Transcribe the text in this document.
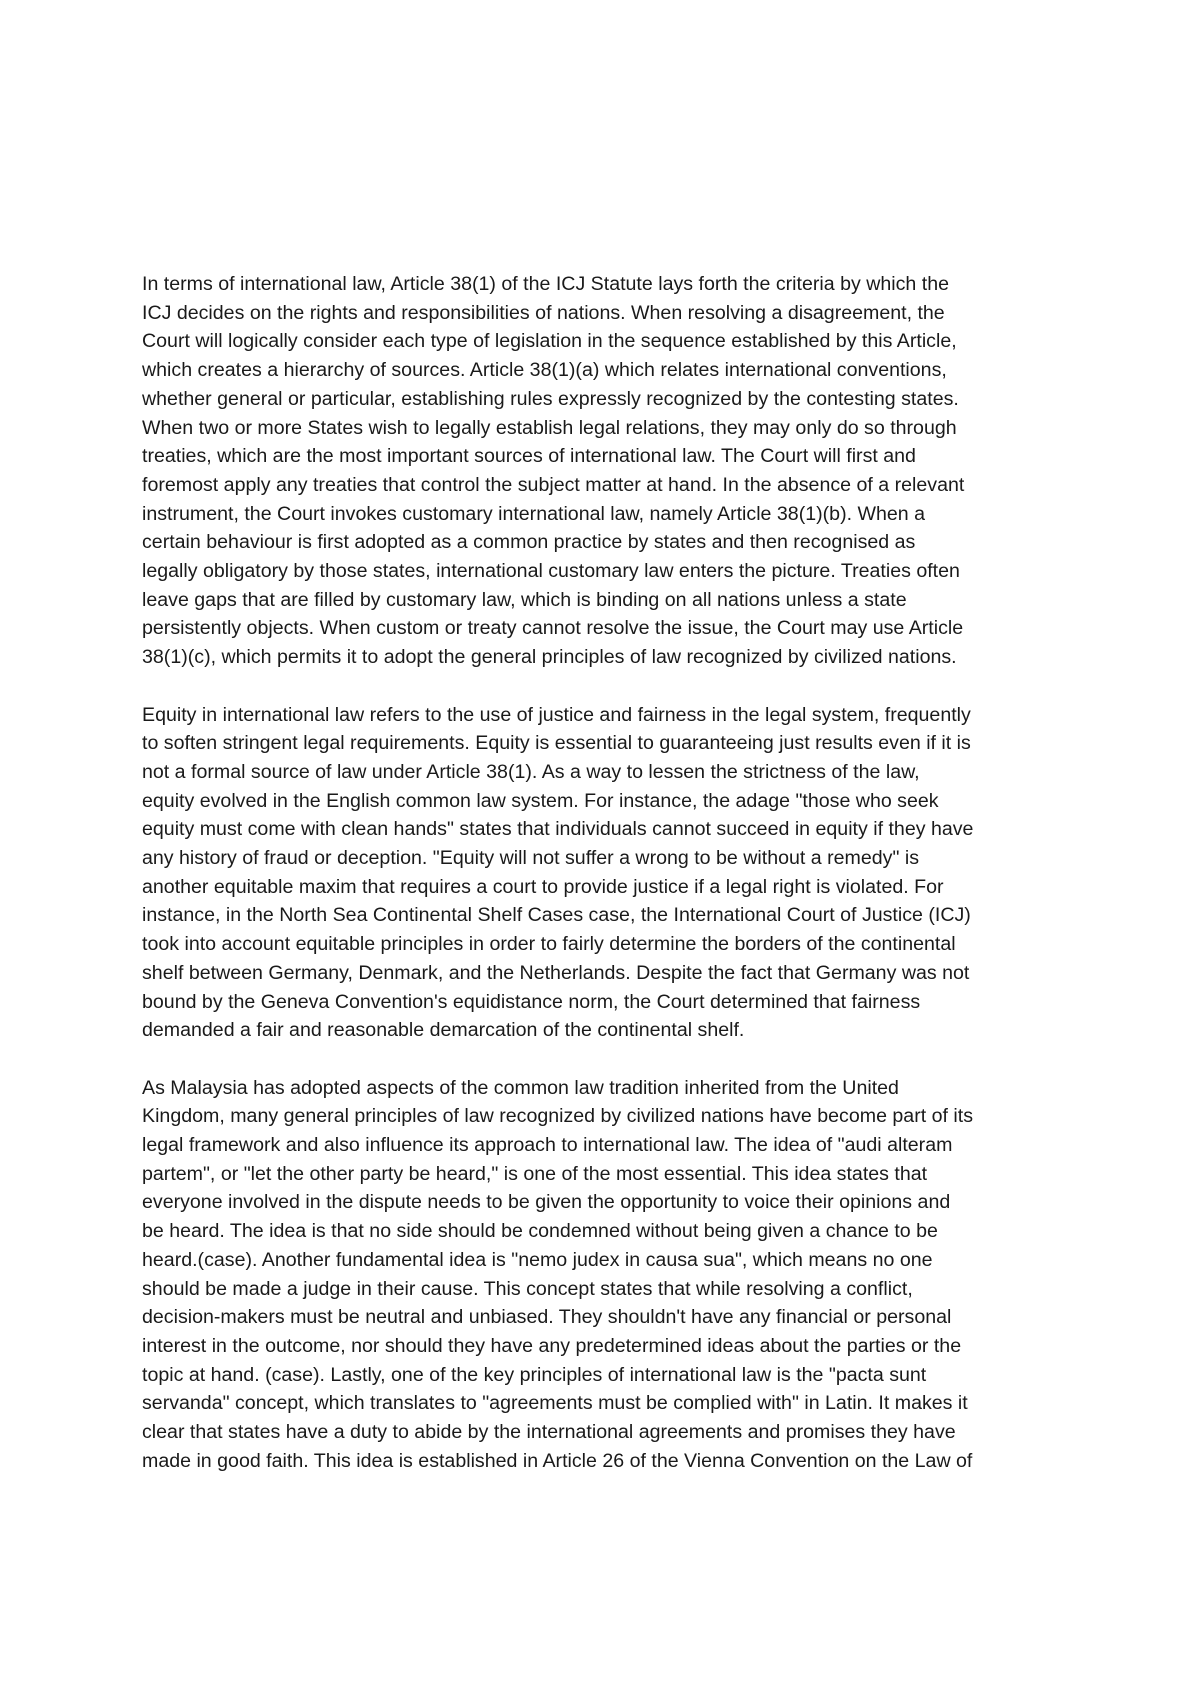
In terms of international law, Article 38(1) of the ICJ Statute lays forth the criteria by which the
ICJ decides on the rights and responsibilities of nations. When resolving a disagreement, the
Court will logically consider each type of legislation in the sequence established by this Article,
which creates a hierarchy of sources. Article 38(1)(a) which relates international conventions,
whether general or particular, establishing rules expressly recognized by the contesting states.
When two or more States wish to legally establish legal relations, they may only do so through
treaties, which are the most important sources of international law. The Court will first and
foremost apply any treaties that control the subject matter at hand. In the absence of a relevant
instrument, the Court invokes customary international law, namely Article 38(1)(b). When a
certain behaviour is first adopted as a common practice by states and then recognised as
legally obligatory by those states, international customary law enters the picture. Treaties often
leave gaps that are filled by customary law, which is binding on all nations unless a state
persistently objects. When custom or treaty cannot resolve the issue, the Court may use Article
38(1)(c), which permits it to adopt the general principles of law recognized by civilized nations.

Equity in international law refers to the use of justice and fairness in the legal system, frequently
to soften stringent legal requirements. Equity is essential to guaranteeing just results even if it is
not a formal source of law under Article 38(1). As a way to lessen the strictness of the law,
equity evolved in the English common law system. For instance, the adage "those who seek
equity must come with clean hands" states that individuals cannot succeed in equity if they have
any history of fraud or deception. "Equity will not suffer a wrong to be without a remedy" is
another equitable maxim that requires a court to provide justice if a legal right is violated. For
instance, in the North Sea Continental Shelf Cases case, the International Court of Justice (ICJ)
took into account equitable principles in order to fairly determine the borders of the continental
shelf between Germany, Denmark, and the Netherlands. Despite the fact that Germany was not
bound by the Geneva Convention's equidistance norm, the Court determined that fairness
demanded a fair and reasonable demarcation of the continental shelf.

As Malaysia has adopted aspects of the common law tradition inherited from the United
Kingdom, many general principles of law recognized by civilized nations have become part of its
legal framework and also influence its approach to international law. The idea of "audi alteram
partem", or "let the other party be heard," is one of the most essential. This idea states that
everyone involved in the dispute needs to be given the opportunity to voice their opinions and
be heard. The idea is that no side should be condemned without being given a chance to be
heard.(case). Another fundamental idea is "nemo judex in causa sua", which means no one
should be made a judge in their cause. This concept states that while resolving a conflict,
decision-makers must be neutral and unbiased. They shouldn't have any financial or personal
interest in the outcome, nor should they have any predetermined ideas about the parties or the
topic at hand. (case). Lastly, one of the key principles of international law is the "pacta sunt
servanda" concept, which translates to "agreements must be complied with" in Latin. It makes it
clear that states have a duty to abide by the international agreements and promises they have
made in good faith. This idea is established in Article 26 of the Vienna Convention on the Law of
